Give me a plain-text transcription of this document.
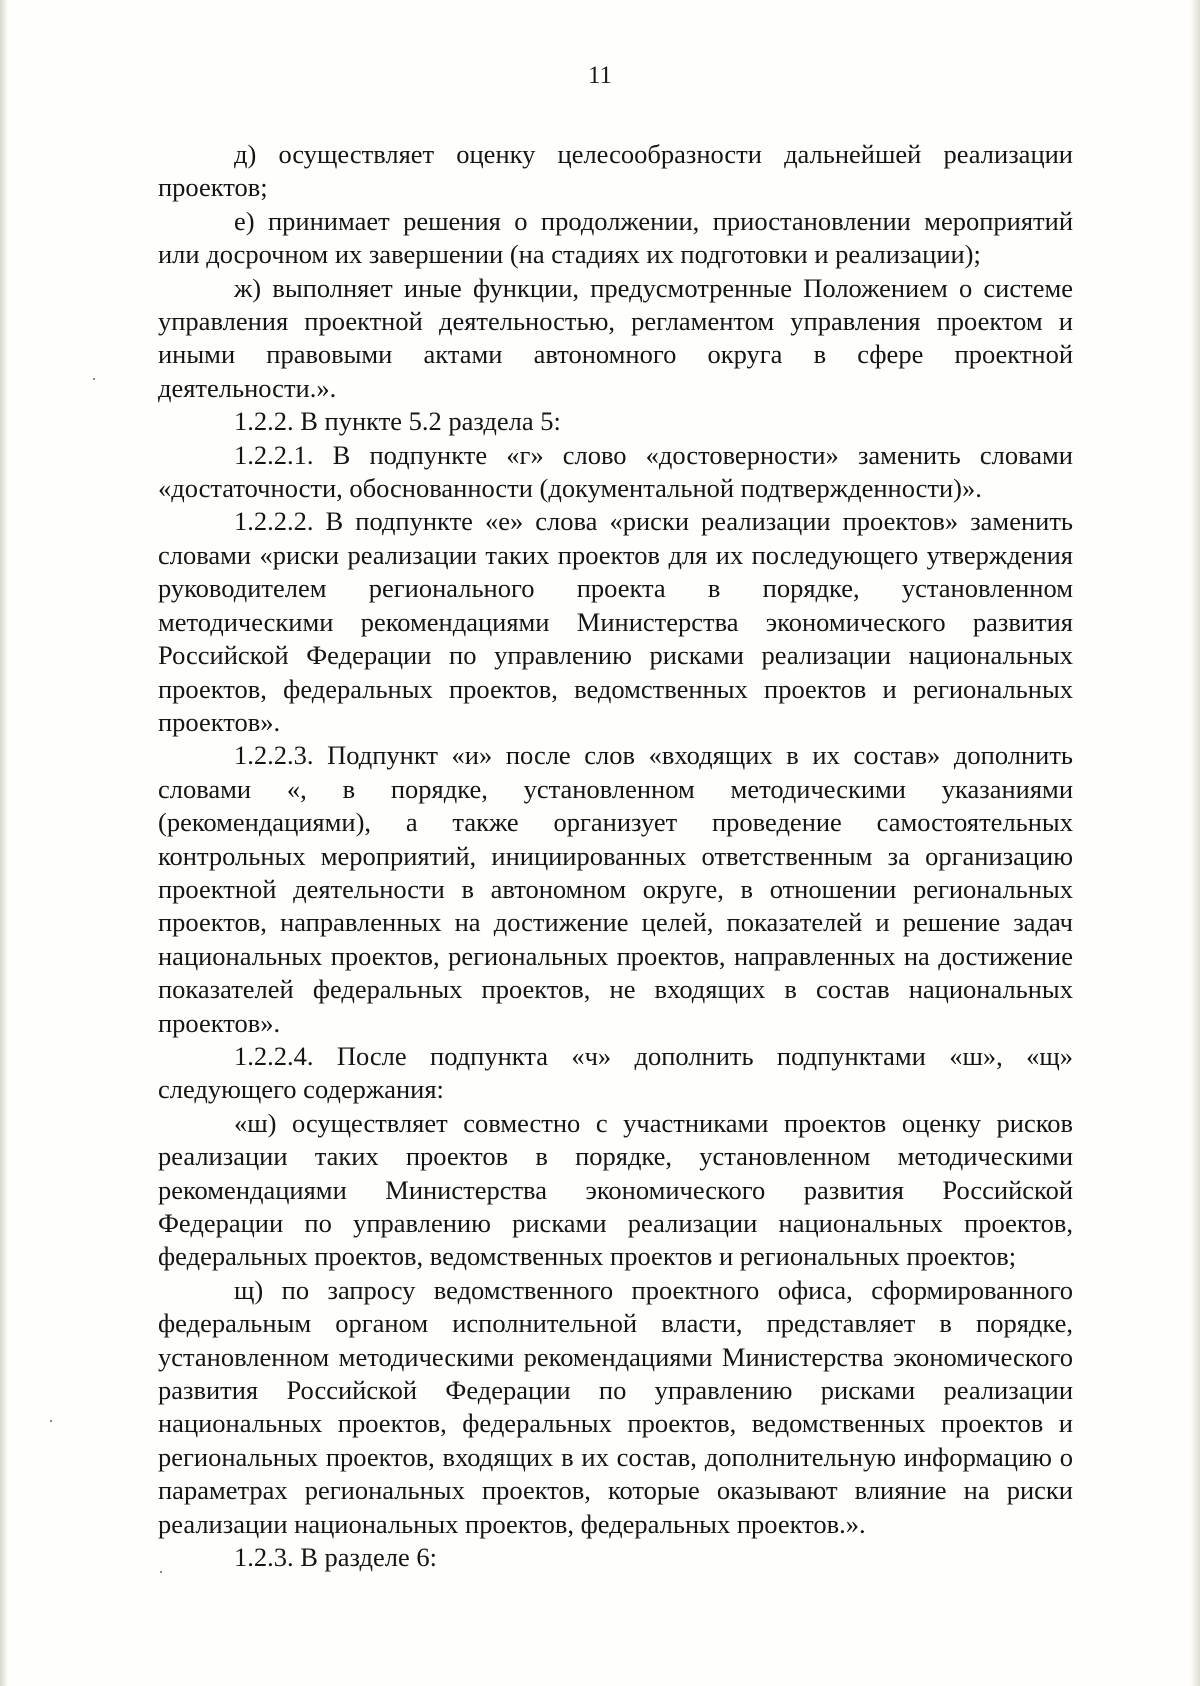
11

д) осуществляет оценку целесообразности дальнейшей реализации проектов;

е) принимает решения о продолжении, приостановлении мероприятий или досрочном их завершении (на стадиях их подготовки и реализации);

ж) выполняет иные функции, предусмотренные Положением о системе управления проектной деятельностью, регламентом управления проектом и иными правовыми актами автономного округа в сфере проектной деятельности.».

1.2.2. В пункте 5.2 раздела 5:

1.2.2.1. В подпункте «г» слово «достоверности» заменить словами «достаточности, обоснованности (документальной подтвержденности)».

1.2.2.2. В подпункте «е» слова «риски реализации проектов» заменить словами «риски реализации таких проектов для их последующего утверждения руководителем регионального проекта в порядке, установленном методическими рекомендациями Министерства экономического развития Российской Федерации по управлению рисками реализации национальных проектов, федеральных проектов, ведомственных проектов и региональных проектов».

1.2.2.3. Подпункт «и» после слов «входящих в их состав» дополнить словами «, в порядке, установленном методическими указаниями (рекомендациями), а также организует проведение самостоятельных контрольных мероприятий, инициированных ответственным за организацию проектной деятельности в автономном округе, в отношении региональных проектов, направленных на достижение целей, показателей и решение задач национальных проектов, региональных проектов, направленных на достижение показателей федеральных проектов, не входящих в состав национальных проектов».

1.2.2.4. После подпункта «ч» дополнить подпунктами «ш», «щ» следующего содержания:

«ш) осуществляет совместно с участниками проектов оценку рисков реализации таких проектов в порядке, установленном методическими рекомендациями Министерства экономического развития Российской Федерации по управлению рисками реализации национальных проектов, федеральных проектов, ведомственных проектов и региональных проектов;

щ) по запросу ведомственного проектного офиса, сформированного федеральным органом исполнительной власти, представляет в порядке, установленном методическими рекомендациями Министерства экономического развития Российской Федерации по управлению рисками реализации национальных проектов, федеральных проектов, ведомственных проектов и региональных проектов, входящих в их состав, дополнительную информацию о параметрах региональных проектов, которые оказывают влияние на риски реализации национальных проектов, федеральных проектов.».

1.2.3. В разделе 6:
